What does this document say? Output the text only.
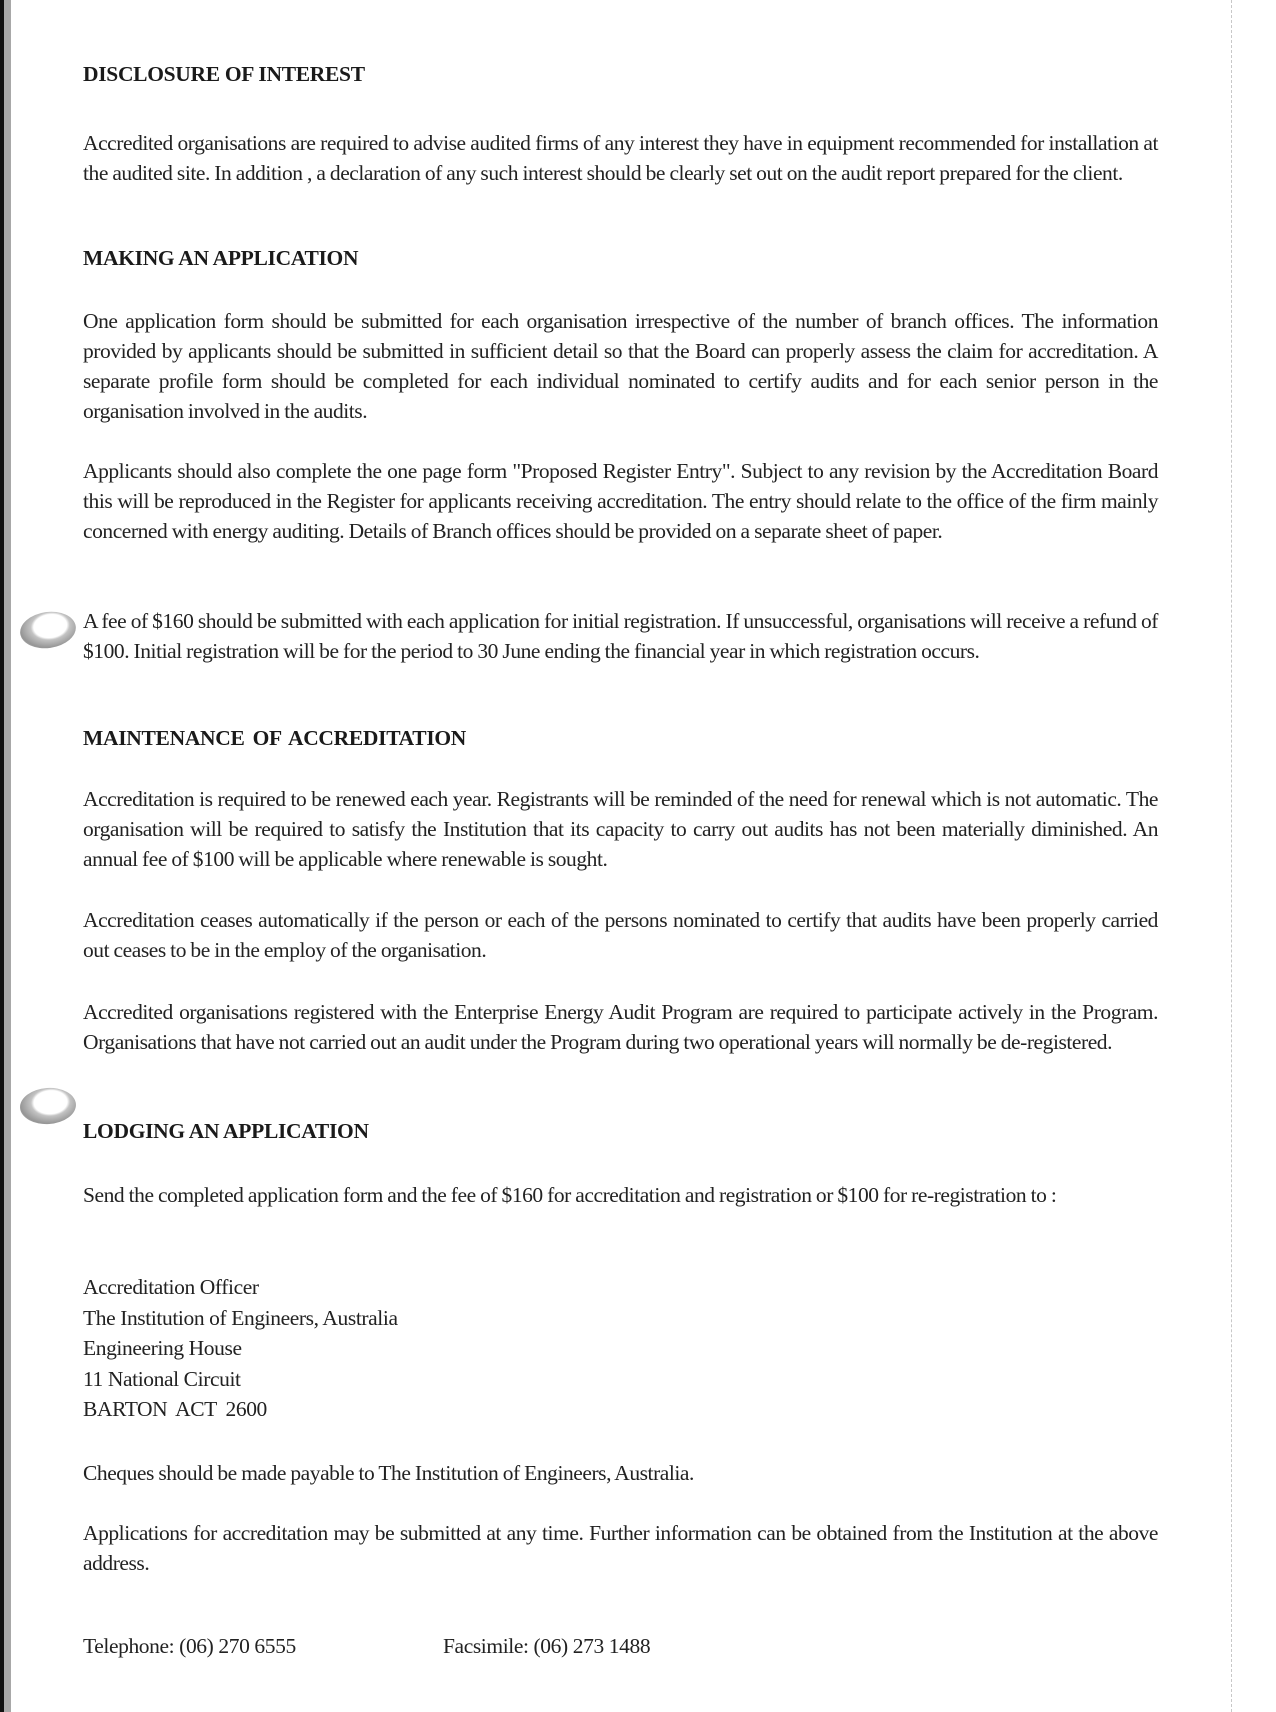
DISCLOSURE OF INTEREST

Accredited organisations are required to advise audited firms of any interest they have in equipment recommended for installation at the audited site. In addition , a declaration of any such interest should be clearly set out on the audit report prepared for the client.

MAKING AN APPLICATION

One application form should be submitted for each organisation irrespective of the number of branch offices. The information provided by applicants should be submitted in sufficient detail so that the Board can properly assess the claim for accreditation. A separate profile form should be completed for each individual nominated to certify audits and for each senior person in the organisation involved in the audits.

Applicants should also complete the one page form "Proposed Register Entry". Subject to any revision by the Accreditation Board this will be reproduced in the Register for applicants receiving accreditation. The entry should relate to the office of the firm mainly concerned with energy auditing. Details of Branch offices should be provided on a separate sheet of paper.

A fee of $160 should be submitted with each application for initial registration. If unsuccessful, organisations will receive a refund of $100. Initial registration will be for the period to 30 June ending the financial year in which registration occurs.

MAINTENANCE OF ACCREDITATION

Accreditation is required to be renewed each year. Registrants will be reminded of the need for renewal which is not automatic. The organisation will be required to satisfy the Institution that its capacity to carry out audits has not been materially diminished. An annual fee of $100 will be applicable where renewable is sought.

Accreditation ceases automatically if the person or each of the persons nominated to certify that audits have been properly carried out ceases to be in the employ of the organisation.

Accredited organisations registered with the Enterprise Energy Audit Program are required to participate actively in the Program. Organisations that have not carried out an audit under the Program during two operational years will normally be de-registered.

LODGING AN APPLICATION

Send the completed application form and the fee of $160 for accreditation and registration or $100 for re-registration to :

Accreditation Officer
The Institution of Engineers, Australia
Engineering House
11 National Circuit
BARTON ACT 2600

Cheques should be made payable to The Institution of Engineers, Australia.

Applications for accreditation may be submitted at any time. Further information can be obtained from the Institution at the above address.

Telephone: (06) 270 6555	Facsimile: (06) 273 1488
